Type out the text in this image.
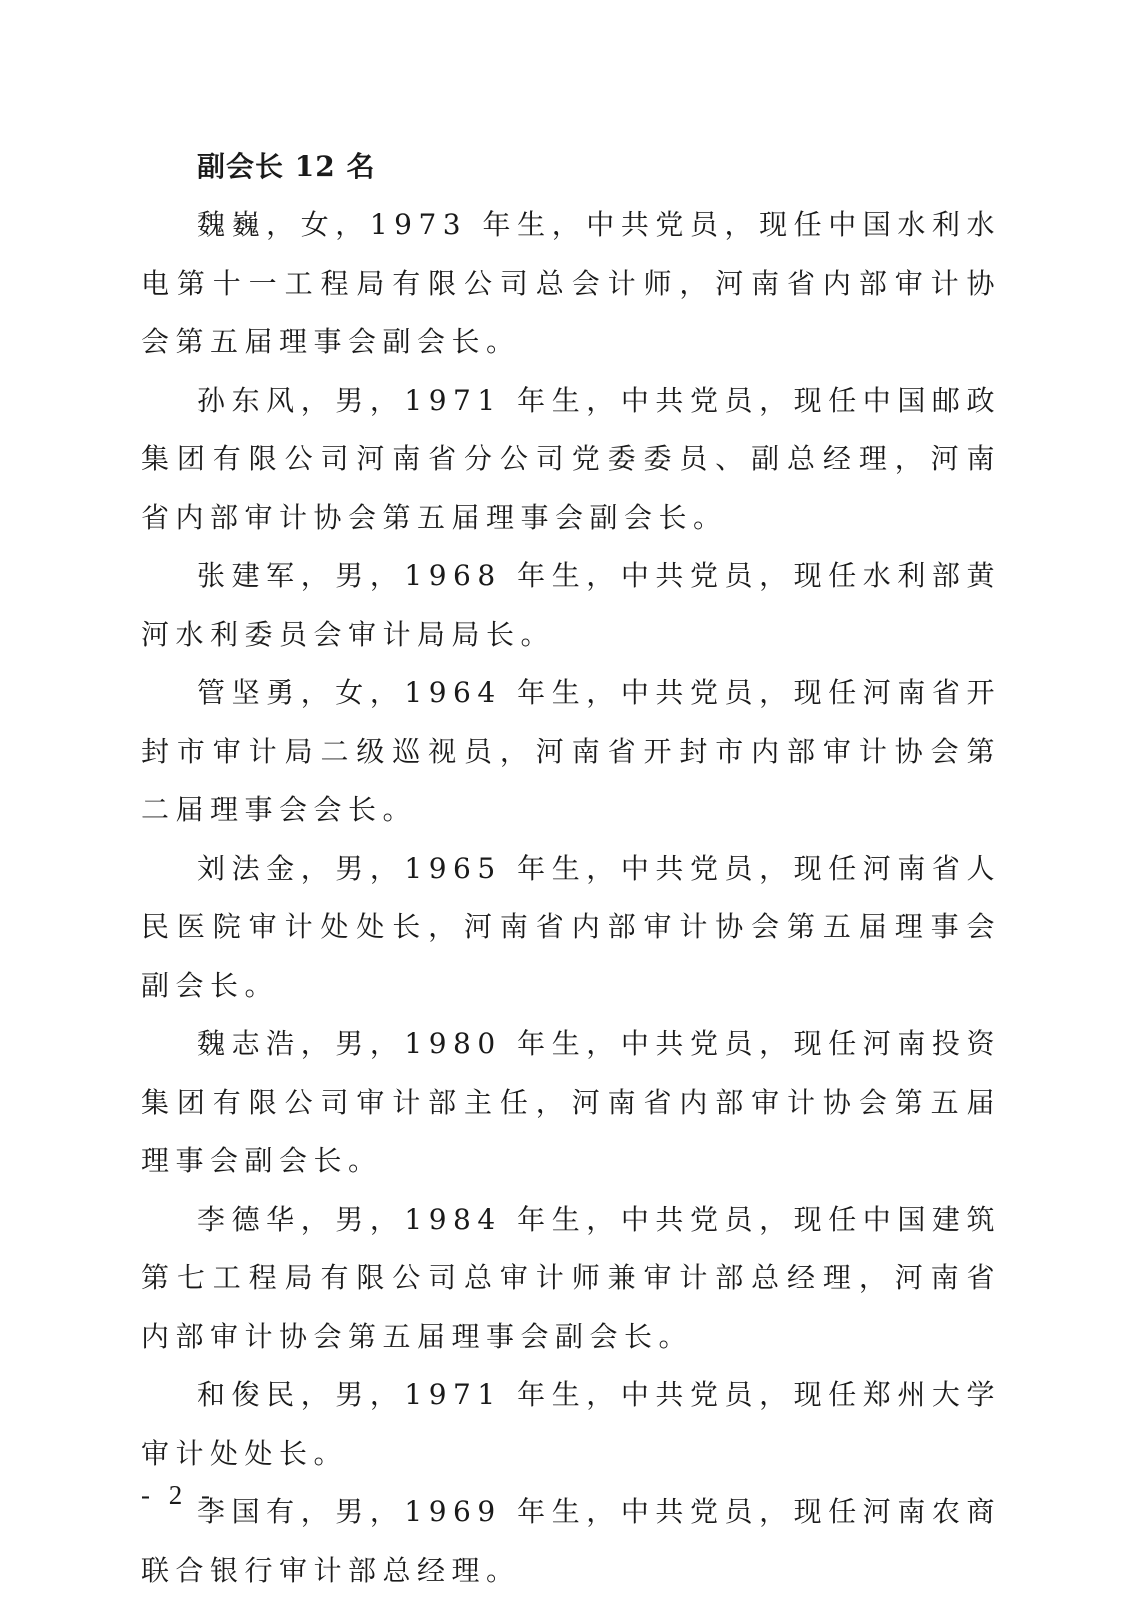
副会长 12 名

魏巍，女，1973 年生，中共党员，现任中国水利水电第十一工程局有限公司总会计师，河南省内部审计协会第五届理事会副会长。

孙东风，男，1971 年生，中共党员，现任中国邮政集团有限公司河南省分公司党委委员、副总经理，河南省内部审计协会第五届理事会副会长。

张建军，男，1968 年生，中共党员，现任水利部黄河水利委员会审计局局长。

管坚勇，女，1964 年生，中共党员，现任河南省开封市审计局二级巡视员，河南省开封市内部审计协会第二届理事会会长。

刘法金，男，1965 年生，中共党员，现任河南省人民医院审计处处长，河南省内部审计协会第五届理事会副会长。

魏志浩，男，1980 年生，中共党员，现任河南投资集团有限公司审计部主任，河南省内部审计协会第五届理事会副会长。

李德华，男，1984 年生，中共党员，现任中国建筑第七工程局有限公司总审计师兼审计部总经理，河南省内部审计协会第五届理事会副会长。

和俊民，男，1971 年生，中共党员，现任郑州大学审计处处长。

李国有，男，1969 年生，中共党员，现任河南农商联合银行审计部总经理。

- 2 -
